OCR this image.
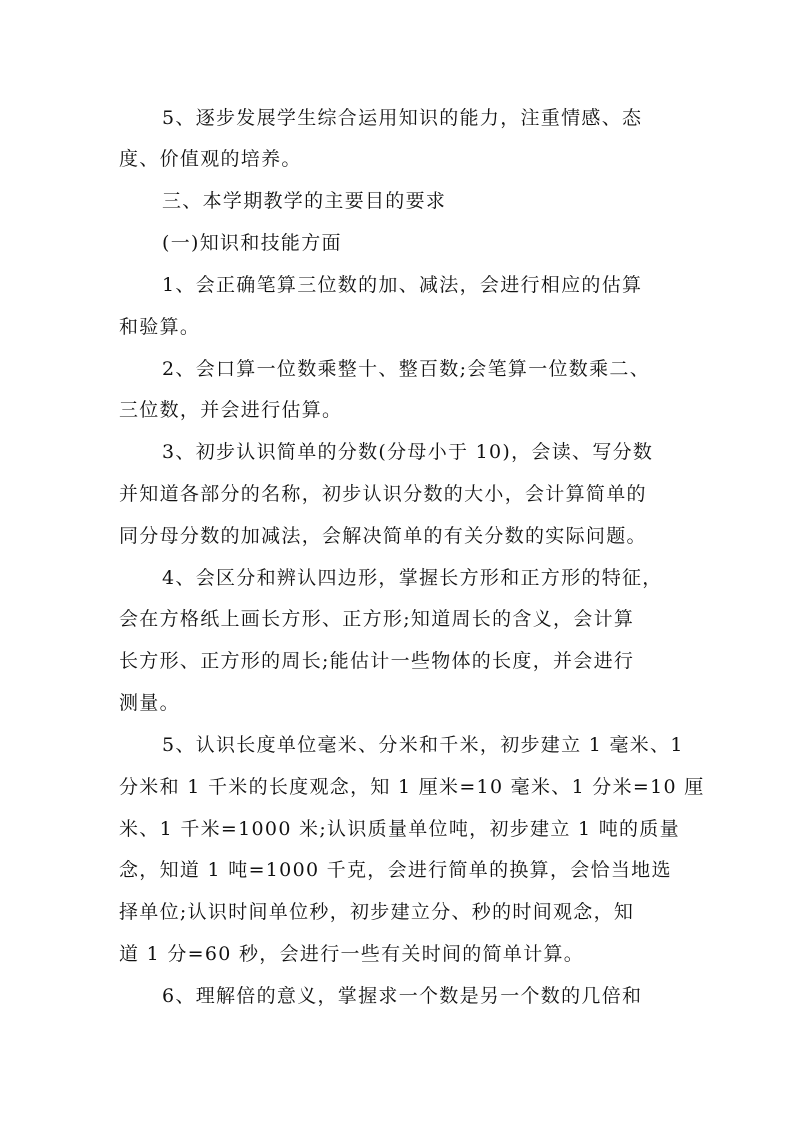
5、逐步发展学生综合运用知识的能力，注重情感、态
度、价值观的培养。
三、本学期教学的主要目的要求
(一)知识和技能方面
1、会正确笔算三位数的加、减法，会进行相应的估算
和验算。
2、会口算一位数乘整十、整百数;会笔算一位数乘二、
三位数，并会进行估算。
3、初步认识简单的分数(分母小于 10)，会读、写分数
并知道各部分的名称，初步认识分数的大小，会计算简单的
同分母分数的加减法，会解决简单的有关分数的实际问题。
4、会区分和辨认四边形，掌握长方形和正方形的特征，
会在方格纸上画长方形、正方形;知道周长的含义，会计算
长方形、正方形的周长;能估计一些物体的长度，并会进行
测量。
5、认识长度单位毫米、分米和千米，初步建立 1 毫米、1
分米和 1 千米的长度观念，知 1 厘米=10 毫米、1 分米=10 厘
米、1 千米=1000 米;认识质量单位吨，初步建立 1 吨的质量
念，知道 1 吨=1000 千克，会进行简单的换算，会恰当地选
择单位;认识时间单位秒，初步建立分、秒的时间观念，知
道 1 分=60 秒，会进行一些有关时间的简单计算。
6、理解倍的意义，掌握求一个数是另一个数的几倍和
